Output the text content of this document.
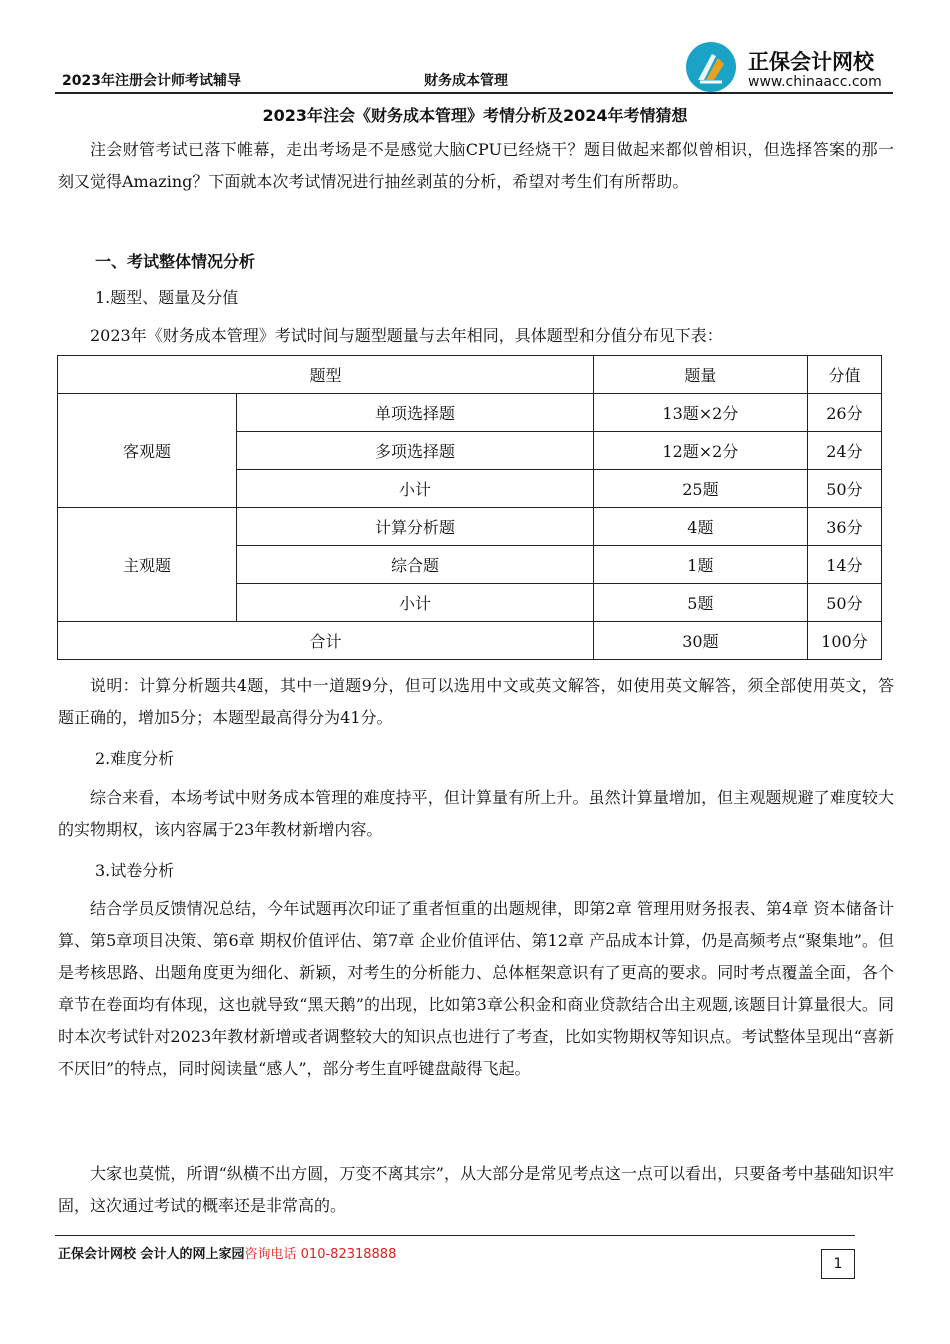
2023年注册会计师考试辅导	财务成本管理
正保会计网校
www.chinaacc.com
2023年注会《财务成本管理》考情分析及2024年考情猜想
注会财管考试已落下帷幕，走出考场是不是感觉大脑CPU已经烧干？题目做起来都似曾相识，但选择答案的那一刻又觉得Amazing？下面就本次考试情况进行抽丝剥茧的分析，希望对考生们有所帮助。
一、考试整体情况分析
1.题型、题量及分值
2023年《财务成本管理》考试时间与题型题量与去年相同，具体题型和分值分布见下表：
题型		题量	分值
客观题	单项选择题	13题×2分	26分
	多项选择题	12题×2分	24分
	小计	25题	50分
主观题	计算分析题	4题	36分
	综合题	1题	14分
	小计	5题	50分
合计		30题	100分
说明：计算分析题共4题，其中一道题9分，但可以选用中文或英文解答，如使用英文解答，须全部使用英文，答题正确的，增加5分；本题型最高得分为41分。
2.难度分析
综合来看，本场考试中财务成本管理的难度持平，但计算量有所上升。虽然计算量增加，但主观题规避了难度较大的实物期权，该内容属于23年教材新增内容。
3.试卷分析
结合学员反馈情况总结，今年试题再次印证了重者恒重的出题规律，即第2章 管理用财务报表、第4章 资本储备计算、第5章项目决策、第6章 期权价值评估、第7章 企业价值评估、第12章 产品成本计算，仍是高频考点“聚集地”。但是考核思路、出题角度更为细化、新颖，对考生的分析能力、总体框架意识有了更高的要求。同时考点覆盖全面，各个章节在卷面均有体现，这也就导致“黑天鹅”的出现，比如第3章公积金和商业贷款结合出主观题,该题目计算量很大。同时本次考试针对2023年教材新增或者调整较大的知识点也进行了考查，比如实物期权等知识点。考试整体呈现出“喜新不厌旧”的特点，同时阅读量“感人”，部分考生直呼键盘敲得飞起。
大家也莫慌，所谓“纵横不出方圆，万变不离其宗”，从大部分是常见考点这一点可以看出，只要备考中基础知识牢固，这次通过考试的概率还是非常高的。
正保会计网校 会计人的网上家园咨询电话 010-82318888
1
